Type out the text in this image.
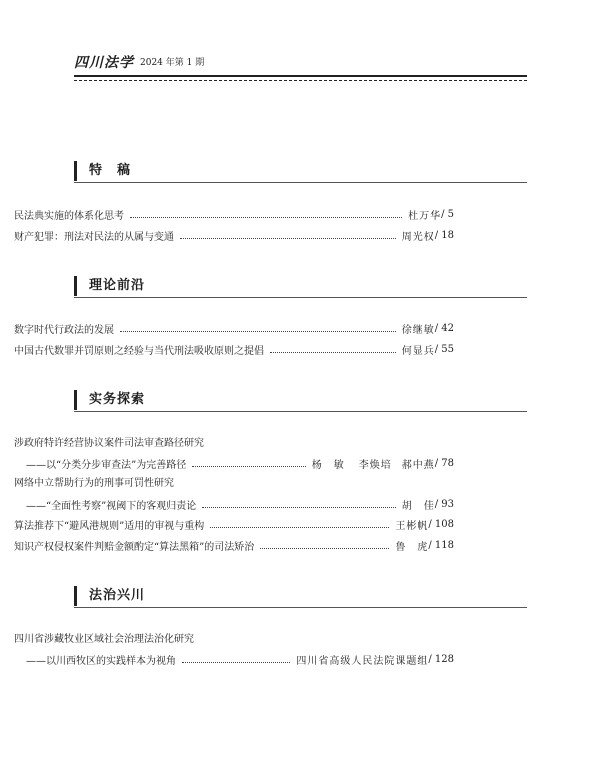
四川法学 2024 年第 1 期
特　稿
民法典实施的体系化思考	杜万华 / 5
财产犯罪：刑法对民法的从属与变通	周光权 / 18
理论前沿
数字时代行政法的发展	徐继敏 / 42
中国古代数罪并罚原则之经验与当代刑法吸收原则之提倡	何显兵 / 55
实务探索
涉政府特许经营协议案件司法审查路径研究
——以“分类分步审查法”为完善路径	杨　敏 李焕培 郝中燕 / 78
网络中立帮助行为的刑事可罚性研究
——“全面性考察”视阈下的客观归责论	胡　佳 / 93
算法推荐下“避风港规则”适用的审视与重构	王彬帆 / 108
知识产权侵权案件判赔金额酌定“算法黑箱”的司法矫治	鲁　虎 / 118
法治兴川
四川省涉藏牧业区域社会治理法治化研究
——以川西牧区的实践样本为视角	四川省高级人民法院课题组 / 128
